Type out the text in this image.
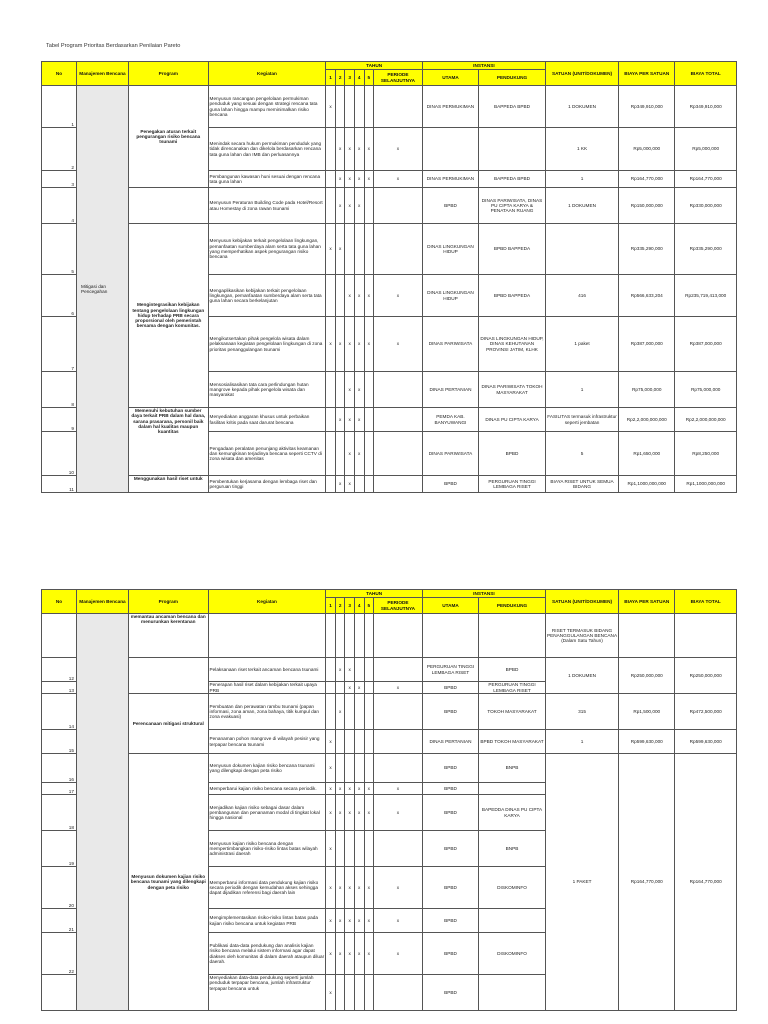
Tabel Program Prioritas Berdasarkan Penilaian Pareto
No	Manajemen Bencana	Program	Kegiatan	TAHUN						INSTANSI		SATUAN (UNIT/DOKUMEN)	BIAYA PER SATUAN	BIAYA TOTAL
				1	2	3	4	5	PERIODE SELANJUTNYA	UTAMA	PENDUKUNG			
1	Mitigasi dan Pencegahan	Penegakan aturan terkait pengurangan risiko bencana tsunami	Menyusun rancangan pengelolaan permukiman penduduk yang sesuai dengan strategi rencana tata guna lahan hingga mampu meminimalkan risiko bencana	x						DINAS PERMUKIMAN	BAPPEDA BPBD	1 DOKUMEN	Rp349,910,000	Rp349,910,000
2			Menindak secara hukum permukiman penduduk yang tidak direncanakan dan dikelola berdasarkan rencana tata guna lahan dan IMB dan perluasannya		x	x	x	x	x			1 KK	Rp5,000,000	Rp5,000,000
3			Pembangunan kawasan huni sesuai dengan rencana tata guna lahan		x	x	x	x	x	DINAS PERMUKIMAN	BAPPEDA BPBD	1	Rp164,770,000	Rp164,770,000
4			Menyusun Peraturan Building Code pada Hotel/Resort atau Homestay di zona rawan tsunami		x	x	x			BPBD	DINAS PARIWISATA, DINAS PU CIPTA KARYA & PENATAAN RUANG	1 DOKUMEN	Rp150,000,000	Rp330,000,000
5		Mengintegrasikan kebijakan tentang pengelolaan lingkungan hidup terhadap PRB secara proporsional oleh pemerintah bersama dengan komunitas.	Menyusun kebijakan terkait pengelolaan lingkungan, pemanfaatan sumberdaya alam serta tata guna lahan yang memperhatikan aspek pengurangan risiko bencana	x	x					DINAS LINGKUNGAN HIDUP	BPBD BAPPEDA		Rp335,290,000	Rp335,290,000
6			Mengaplikasikan kebijakan terkait pengelolaan lingkungan, pemanfaatan sumberdaya alam serta tata guna lahan secara berkelanjutan			x	x	x	x	DINAS LINGKUNGAN HIDUP	BPBD BAPPEDA	416	Rp566,633,204	Rp235,719,413,000
7			Mengikutsertakan pihak pengelola wisata dalam pelaksanaan kegiatan pengelolaan lingkungan di zona prioritas penanggulangan tsunami	x	x	x	x	x	x	DINAS PARIWISATA	DINAS LINGKUNGAN HIDUP, DINAS KEHUTANAN PROVINSI JATIM, KLHK	1 paket	Rp387,000,000	Rp387,000,000
8			Mensosialisasikan tata cara perlindungan hutan mangrove kepada pihak pengelola wisata dan masyarakat			x	x			DINAS PERTANIAN	DINAS PARIWISATA TOKOH MASYARAKAT	1	Rp75,000,000	Rp75,000,000
9		Memenuhi kebutuhan sumber daya terkait PRB dalam hal dana, sarana prasarana, personil baik dalam hal kualitas maupun kuantitas	Menyediakan anggaran khusus untuk perbaikan fasilitas kritis pada saat darurat bencana		x	x	x			PEMDA KAB. BANYUWANGI	DINAS PU CIPTA KARYA	FASILITAS termasuk infrastruktur seperti jembatan	Rp2,2,000,000,000	Rp2,2,000,000,000
10			Pengadaan peralatan penunjang aktivitas keamanan dan kemungkinan terjadinya bencana seperti CCTV di zona wisata dan amenitas			x	x			DINAS PARIWISATA	BPBD	5	Rp1,650,000	Rp8,250,000
11		Menggunakan hasil riset untuk	Pembentukan kerjasama dengan lembaga riset dan perguruan tinggi		x	x				BPBD	PERGURUAN TINGGI LEMBAGA RISET	BIAYA RISET UNTUK SEMUA BIDANG	Rp1,1000,000,000	Rp1,1000,000,000
No	Manajemen Bencana	Program	Kegiatan	TAHUN						INSTANSI		SATUAN (UNIT/DOKUMEN)	BIAYA PER SATUAN	BIAYA TOTAL
				1	2	3	4	5	PERIODE SELANJUTNYA	UTAMA	PENDUKUNG			
		memantau ancaman bencana dan menurunkan kerentanan										RISET TERMASUK BIDANG PENANGGULANGAN BENCANA (Dalam Satu Tahun)		
12			Pelaksanaan riset terkait ancaman bencana tsunami		x	x				PERGURUAN TINGGI LEMBAGA RISET	BPBD	1 DOKUMEN	Rp250,000,000	Rp250,000,000
13			Penerapan hasil riset dalam kebijakan terkait upaya PRB			x	x		x	BPBD	PERGURUAN TINGGI LEMBAGA RISET			
14		Perencanaan mitigasi struktural	Pembuatan dan perawatan rambu tsunami (papan informasi, zona aman, zona bahaya, titik kumpul dan zona evakuasi)		x					BPBD	TOKOH MASYARAKAT	315	Rp1,500,000	Rp472,500,000
15			Penanaman pohon mangrove di wilayah pesisir yang terpapar bencana tsunami	x						DINAS PERTANIAN	BPBD TOKOH MASYARAKAT	1	Rp599,630,000	Rp599,630,000
16		Menyusun dokumen kajian risiko bencana tsunami yang dilengkapi dengan peta risiko	Menyusun dokumen kajian risiko bencana tsunami yang dilengkapi dengan peta risiko	x						BPBD	BNPB	1 PAKET	Rp164,770,000	Rp164,770,000
17			Memperbarui kajian risiko bencana secara periodik.	x	x	x	x	x	x	BPBD				
18			Menjadikan kajian risiko sebagai dasar dalam pembangunan dan penanaman modal di tingkat lokal hingga nasional	x	x	x	x	x	x	BPBD	BAPEDDA DINAS PU CIPTA KARYA			
19			Menyusun kajian risiko bencana dengan mempertimbangkan risiko-risiko lintas batas wilayah administrasi daerah	x						BPBD	BNPB			
20			Memperbarui informasi data pendukung kajian risiko secara periodik dengan kemudahan akses sehingga dapat dijadikan referensi bagi daerah lain	x	x	x	x	x	x	BPBD	DISKOMINFO			
21			Mengimplementasikan risiko-risiko lintas batas pada kajian risiko bencana untuk kegiatan PRB	x	x	x	x	x	x	BPBD				
22			Publikasi data-data pendukung dan analisis kajian risiko bencana melalui sistem informasi agar dapat diakses oleh komunitas di dalam daerah ataupun diluar daerah.	x	x	x	x	x	x	BPBD	DISKOMINFO			
			Menyediakan data-data pendukung seperti jumlah penduduk terpapar bencana, jumlah infrastruktur terpapar bencana untuk	x						BPBD				
